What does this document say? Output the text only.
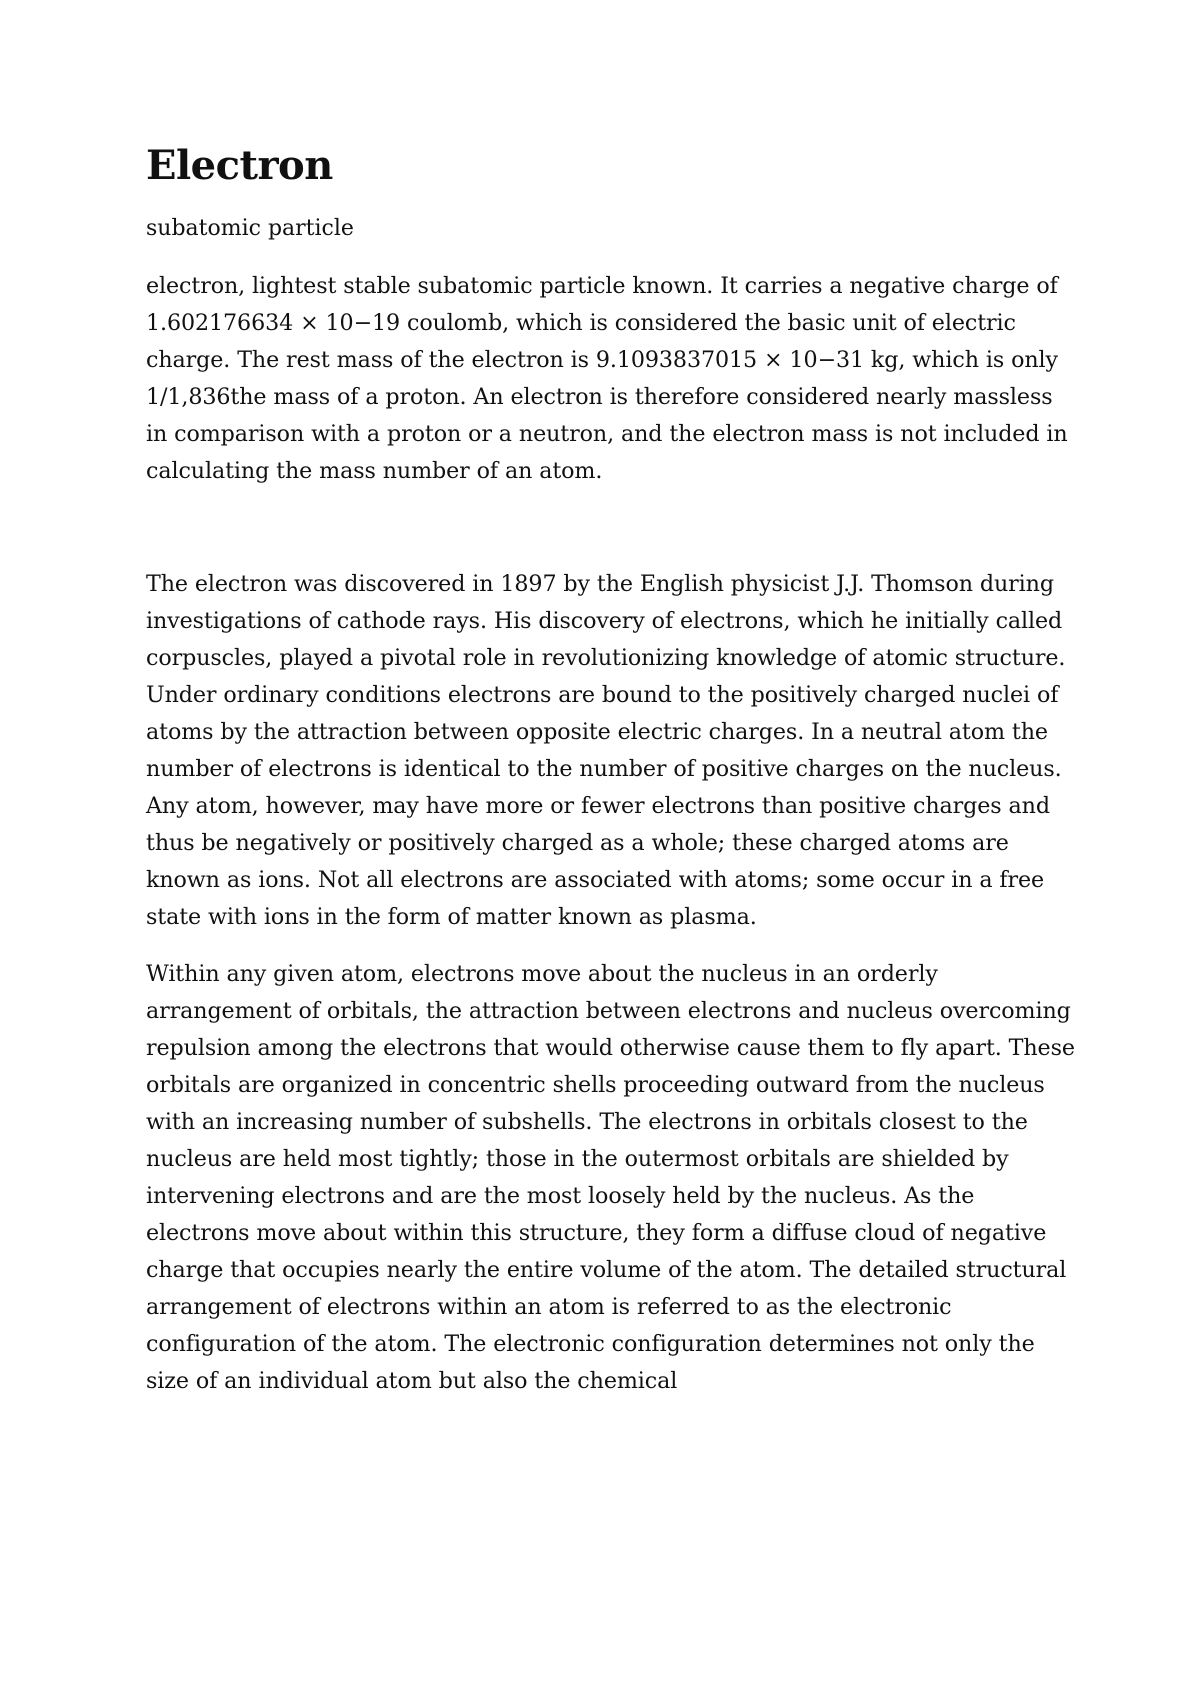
Electron
subatomic particle

electron, lightest stable subatomic particle known. It carries a negative charge of 1.602176634 × 10−19 coulomb, which is considered the basic unit of electric charge. The rest mass of the electron is 9.1093837015 × 10−31 kg, which is only 1/1,836the mass of a proton. An electron is therefore considered nearly massless in comparison with a proton or a neutron, and the electron mass is not included in calculating the mass number of an atom.

The electron was discovered in 1897 by the English physicist J.J. Thomson during investigations of cathode rays. His discovery of electrons, which he initially called corpuscles, played a pivotal role in revolutionizing knowledge of atomic structure. Under ordinary conditions electrons are bound to the positively charged nuclei of atoms by the attraction between opposite electric charges. In a neutral atom the number of electrons is identical to the number of positive charges on the nucleus. Any atom, however, may have more or fewer electrons than positive charges and thus be negatively or positively charged as a whole; these charged atoms are known as ions. Not all electrons are associated with atoms; some occur in a free state with ions in the form of matter known as plasma.

Within any given atom, electrons move about the nucleus in an orderly arrangement of orbitals, the attraction between electrons and nucleus overcoming repulsion among the electrons that would otherwise cause them to fly apart. These orbitals are organized in concentric shells proceeding outward from the nucleus with an increasing number of subshells. The electrons in orbitals closest to the nucleus are held most tightly; those in the outermost orbitals are shielded by intervening electrons and are the most loosely held by the nucleus. As the electrons move about within this structure, they form a diffuse cloud of negative charge that occupies nearly the entire volume of the atom. The detailed structural arrangement of electrons within an atom is referred to as the electronic configuration of the atom. The electronic configuration determines not only the size of an individual atom but also the chemical
